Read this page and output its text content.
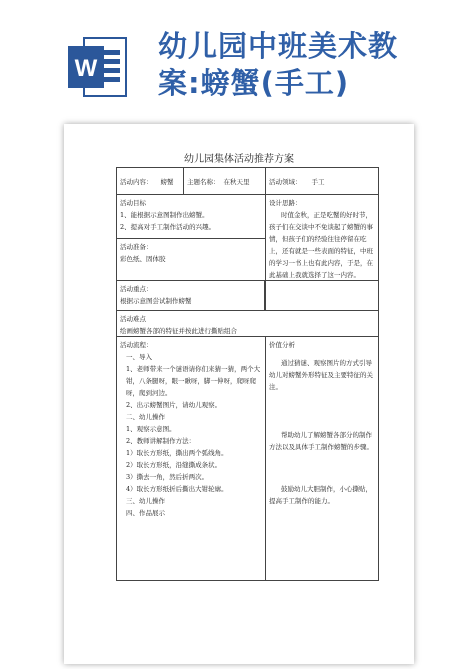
W
幼儿园中班美术教
案:螃蟹(手工)
幼儿园集体活动推荐方案
活动内容： 螃蟹	主题名称： 在秋天里	活动领域： 手工
活动目标
1、能根据示意图制作出螃蟹。
2、提高对手工制作活动的兴趣。
活动准备：
彩色纸、固体胶
设计思路：
时值金秋，正是吃蟹的好时节，孩子们在交谈中不免谈起了螃蟹的事情，但孩子们的经验往往停留在吃上，还有就是一些表面的特征，中班的学习一书上也有此内容，于是，在此基础上我就选择了这一内容。
活动重点：
根据示意图尝试制作螃蟹
活动难点
绘画螃蟹各部的特征并按此进行撕贴组合
活动流程：
一、导入
1、老师带来一个谜语请你们来猜一猜，两个大钳，八条腿呀，眼一瞅呀，脚一伸呀，爬呀爬呀，爬到河边。
2、出示螃蟹图片，请幼儿观察。
二、幼儿操作
1、观察示意图。
2、教师讲解制作方法：
1）取长方形纸，撕出两个弧线角。
2）取长方形纸，沿缝撕成条状。
3）撕去一角，然后折两次。
4）取长方形纸折后撕出大钳轮廓。
三、幼儿操作
四、作品展示
价值分析
通过猜谜、观察图片的方式引导幼儿对螃蟹外形特征及主要特征的关注。
帮助幼儿了解螃蟹各部分的制作方法以及具体手工制作螃蟹的步骤。
鼓励幼儿大胆制作，小心撕贴，提高手工制作的能力。
